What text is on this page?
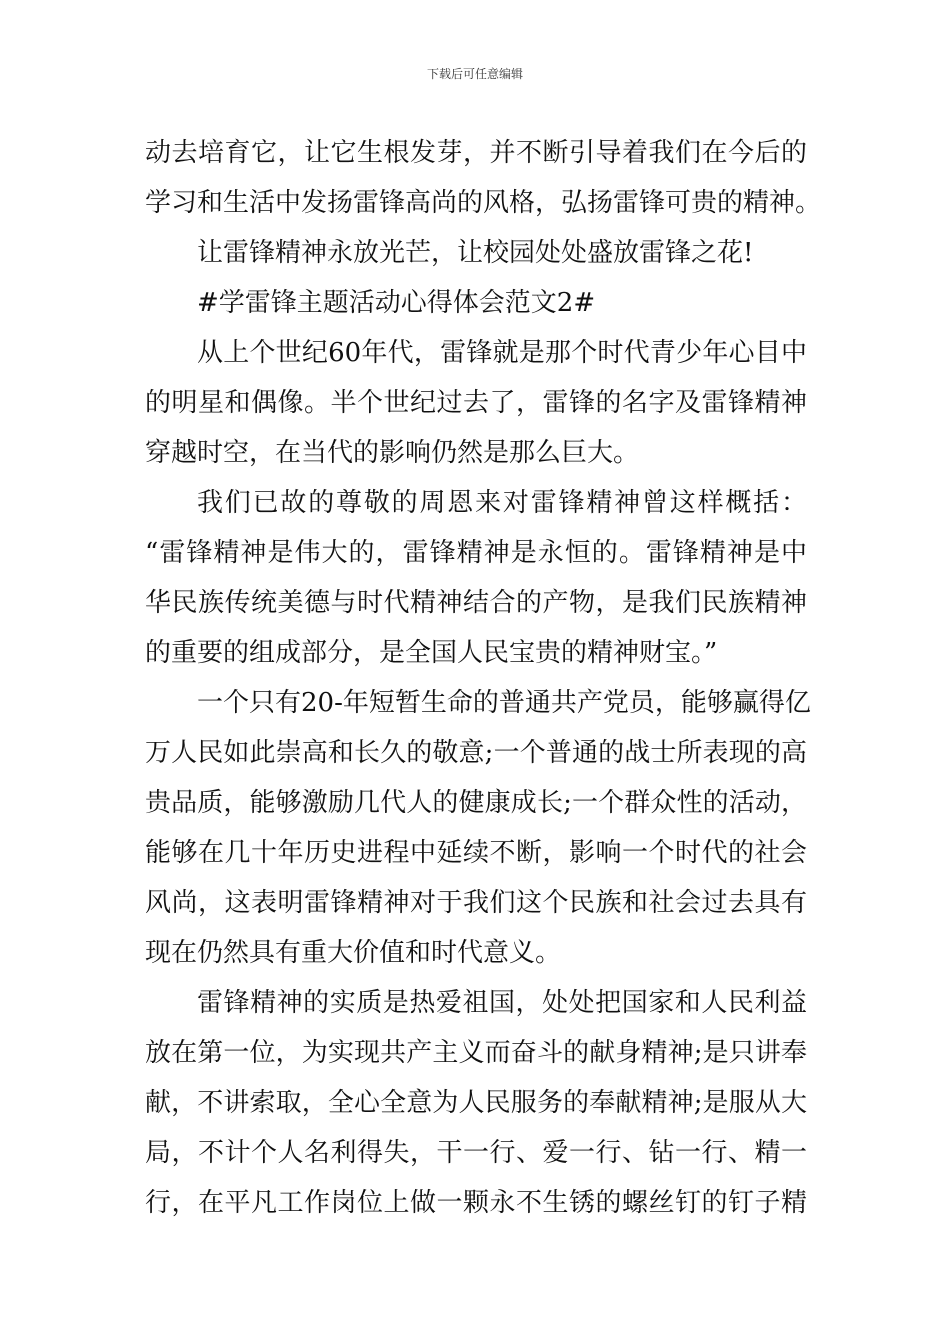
下载后可任意编辑
动去培育它，让它生根发芽，并不断引导着我们在今后的
学习和生活中发扬雷锋高尚的风格，弘扬雷锋可贵的精神。
让雷锋精神永放光芒，让校园处处盛放雷锋之花!
#学雷锋主题活动心得体会范文2#
从上个世纪60年代，雷锋就是那个时代青少年心目中
的明星和偶像。半个世纪过去了，雷锋的名字及雷锋精神
穿越时空，在当代的影响仍然是那么巨大。
我们已故的尊敬的周恩来对雷锋精神曾这样概括：
“雷锋精神是伟大的，雷锋精神是永恒的。雷锋精神是中
华民族传统美德与时代精神结合的产物，是我们民族精神
的重要的组成部分，是全国人民宝贵的精神财宝。”
一个只有20-年短暂生命的普通共产党员，能够赢得亿
万人民如此崇高和长久的敬意;一个普通的战士所表现的高
贵品质，能够激励几代人的健康成长;一个群众性的活动，
能够在几十年历史进程中延续不断，影响一个时代的社会
风尚，这表明雷锋精神对于我们这个民族和社会过去具有
现在仍然具有重大价值和时代意义。
雷锋精神的实质是热爱祖国，处处把国家和人民利益
放在第一位，为实现共产主义而奋斗的献身精神;是只讲奉
献，不讲索取，全心全意为人民服务的奉献精神;是服从大
局，不计个人名利得失，干一行、爱一行、钻一行、精一
行，在平凡工作岗位上做一颗永不生锈的螺丝钉的钉子精
